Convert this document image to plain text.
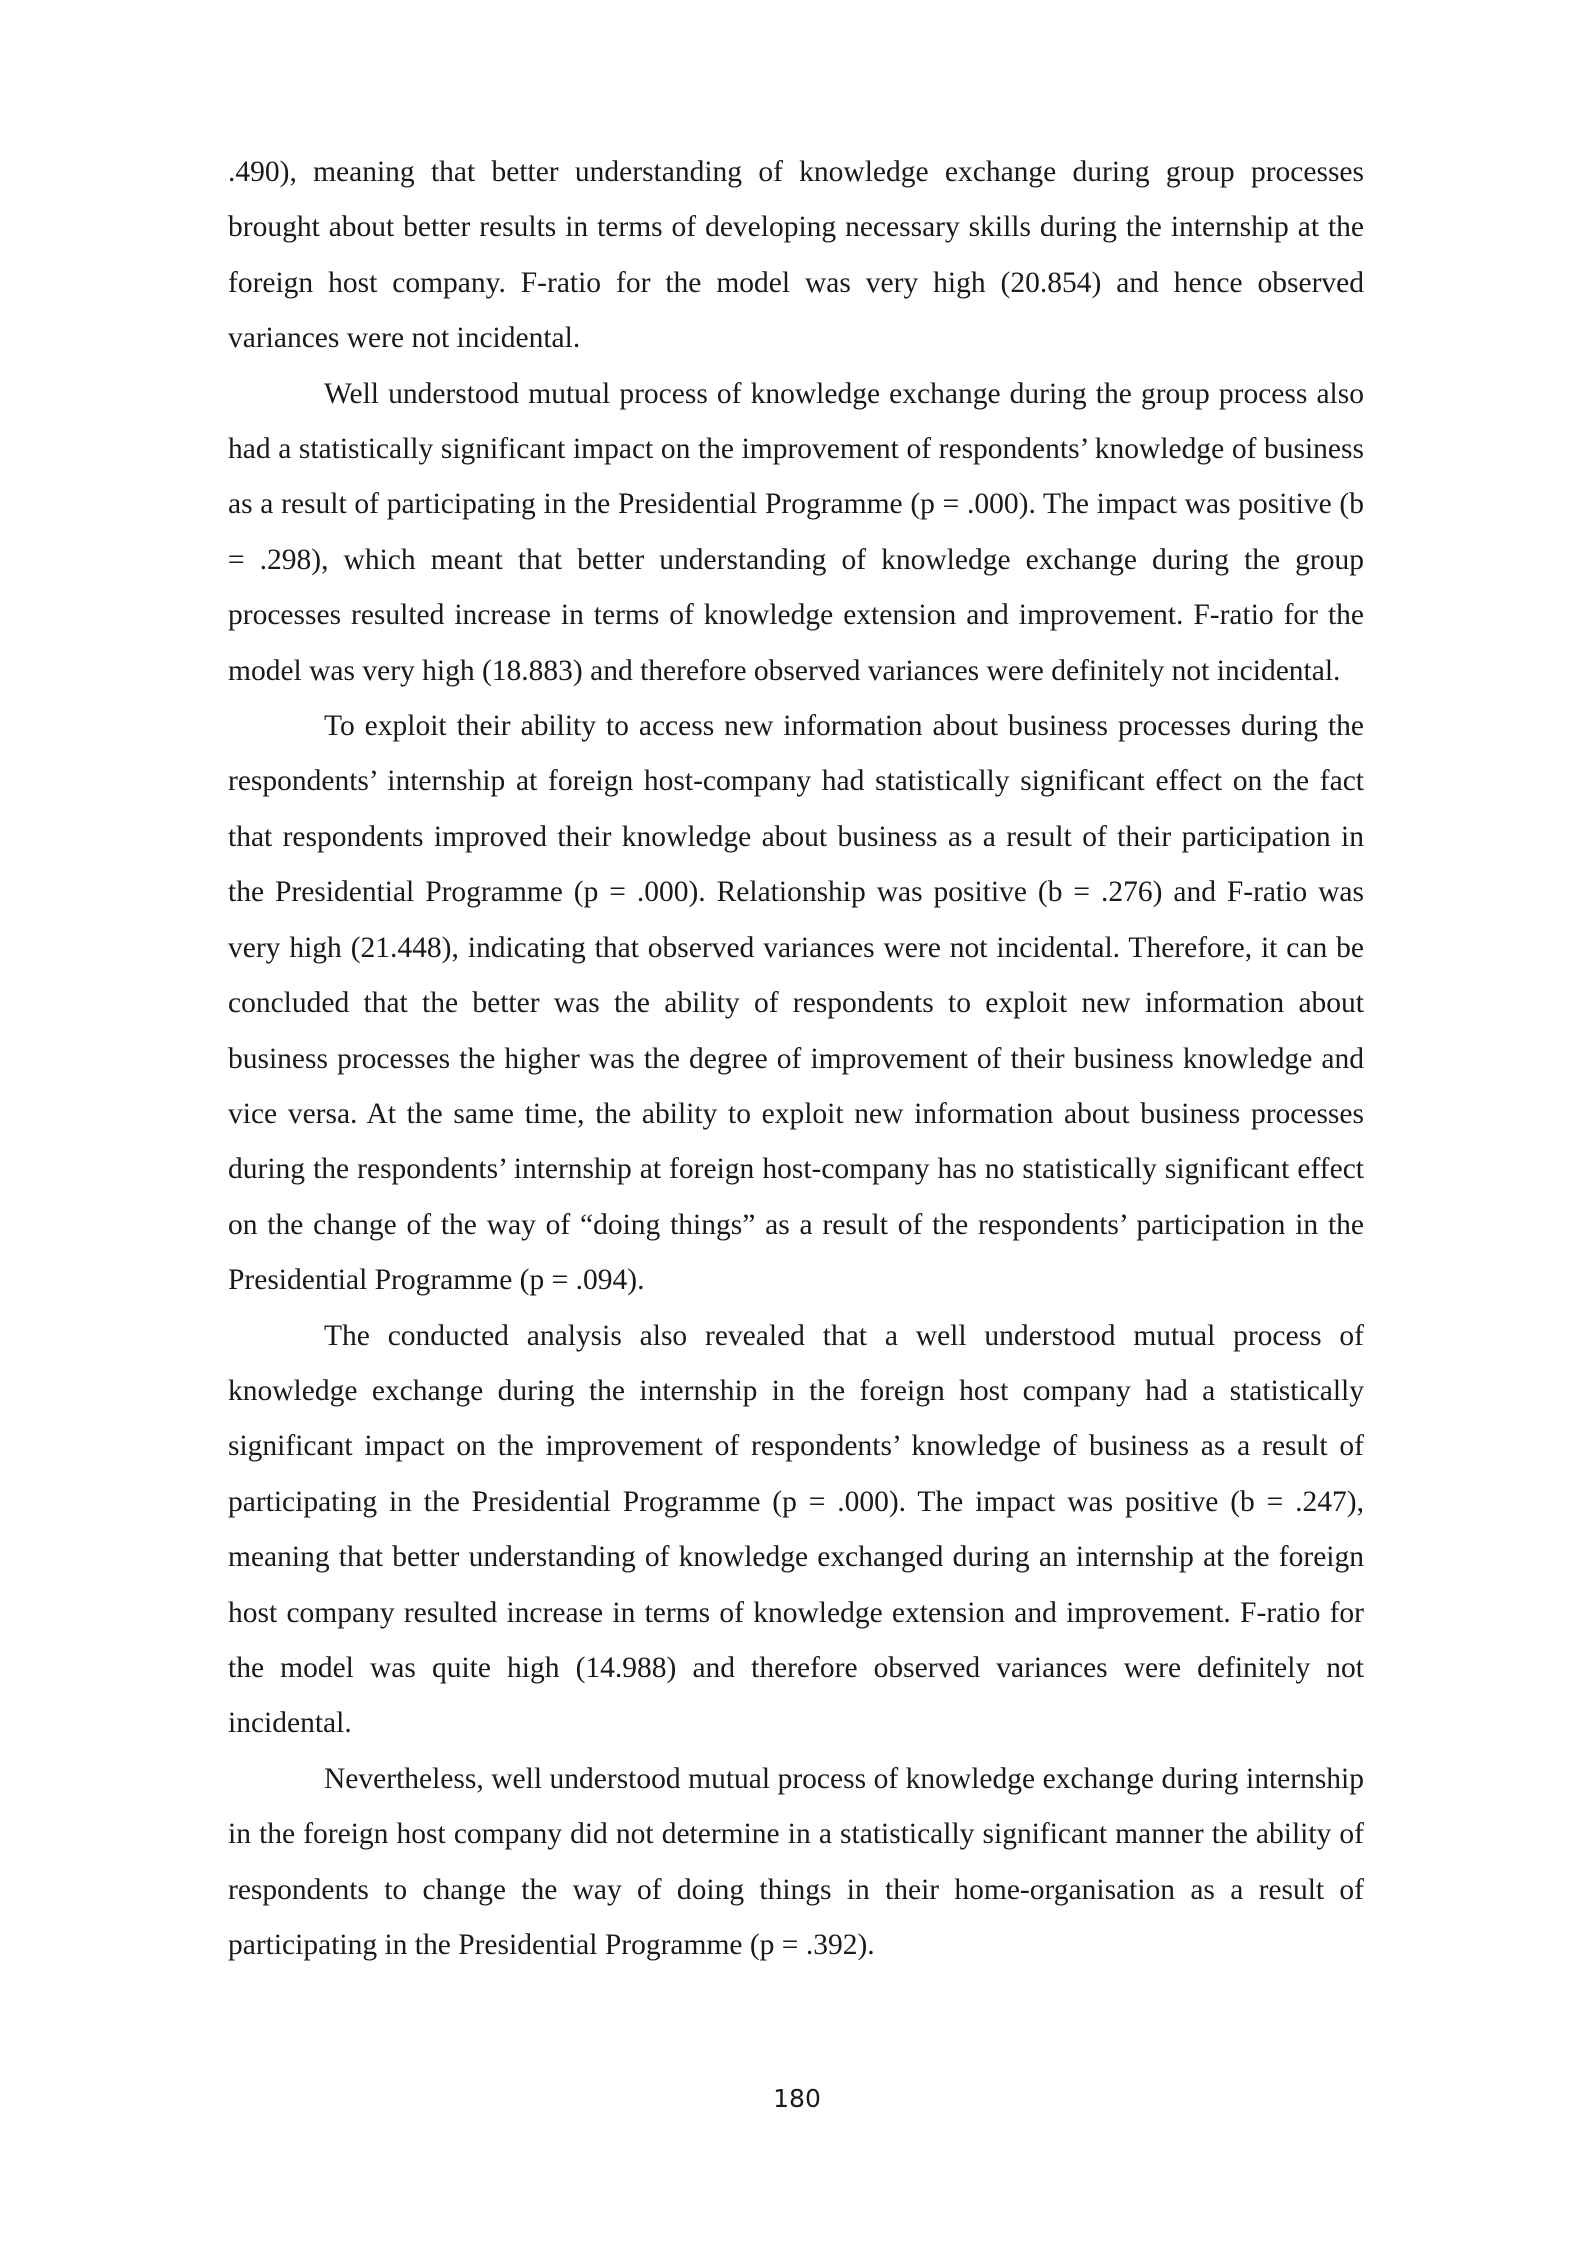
.490), meaning that better understanding of knowledge exchange during group processes brought about better results in terms of developing necessary skills during the internship at the foreign host company. F-ratio for the model was very high (20.854) and hence observed variances were not incidental.

Well understood mutual process of knowledge exchange during the group process also had a statistically significant impact on the improvement of respondents’ knowledge of business as a result of participating in the Presidential Programme (p = .000). The impact was positive (b = .298), which meant that better understanding of knowledge exchange during the group processes resulted increase in terms of knowledge extension and improvement. F-ratio for the model was very high (18.883) and therefore observed variances were definitely not incidental.

To exploit their ability to access new information about business processes during the respondents’ internship at foreign host-company had statistically significant effect on the fact that respondents improved their knowledge about business as a result of their participation in the Presidential Programme (p = .000). Relationship was positive (b = .276) and F-ratio was very high (21.448), indicating that observed variances were not incidental. Therefore, it can be concluded that the better was the ability of respondents to exploit new information about business processes the higher was the degree of improvement of their business knowledge and vice versa. At the same time, the ability to exploit new information about business processes during the respondents’ internship at foreign host-company has no statistically significant effect on the change of the way of “doing things” as a result of the respondents’ participation in the Presidential Programme (p = .094).

The conducted analysis also revealed that a well understood mutual process of knowledge exchange during the internship in the foreign host company had a statistically significant impact on the improvement of respondents’ knowledge of business as a result of participating in the Presidential Programme (p = .000). The impact was positive (b = .247), meaning that better understanding of knowledge exchanged during an internship at the foreign host company resulted increase in terms of knowledge extension and improvement. F-ratio for the model was quite high (14.988) and therefore observed variances were definitely not incidental.

Nevertheless, well understood mutual process of knowledge exchange during internship in the foreign host company did not determine in a statistically significant manner the ability of respondents to change the way of doing things in their home-organisation as a result of participating in the Presidential Programme (p = .392).

180
